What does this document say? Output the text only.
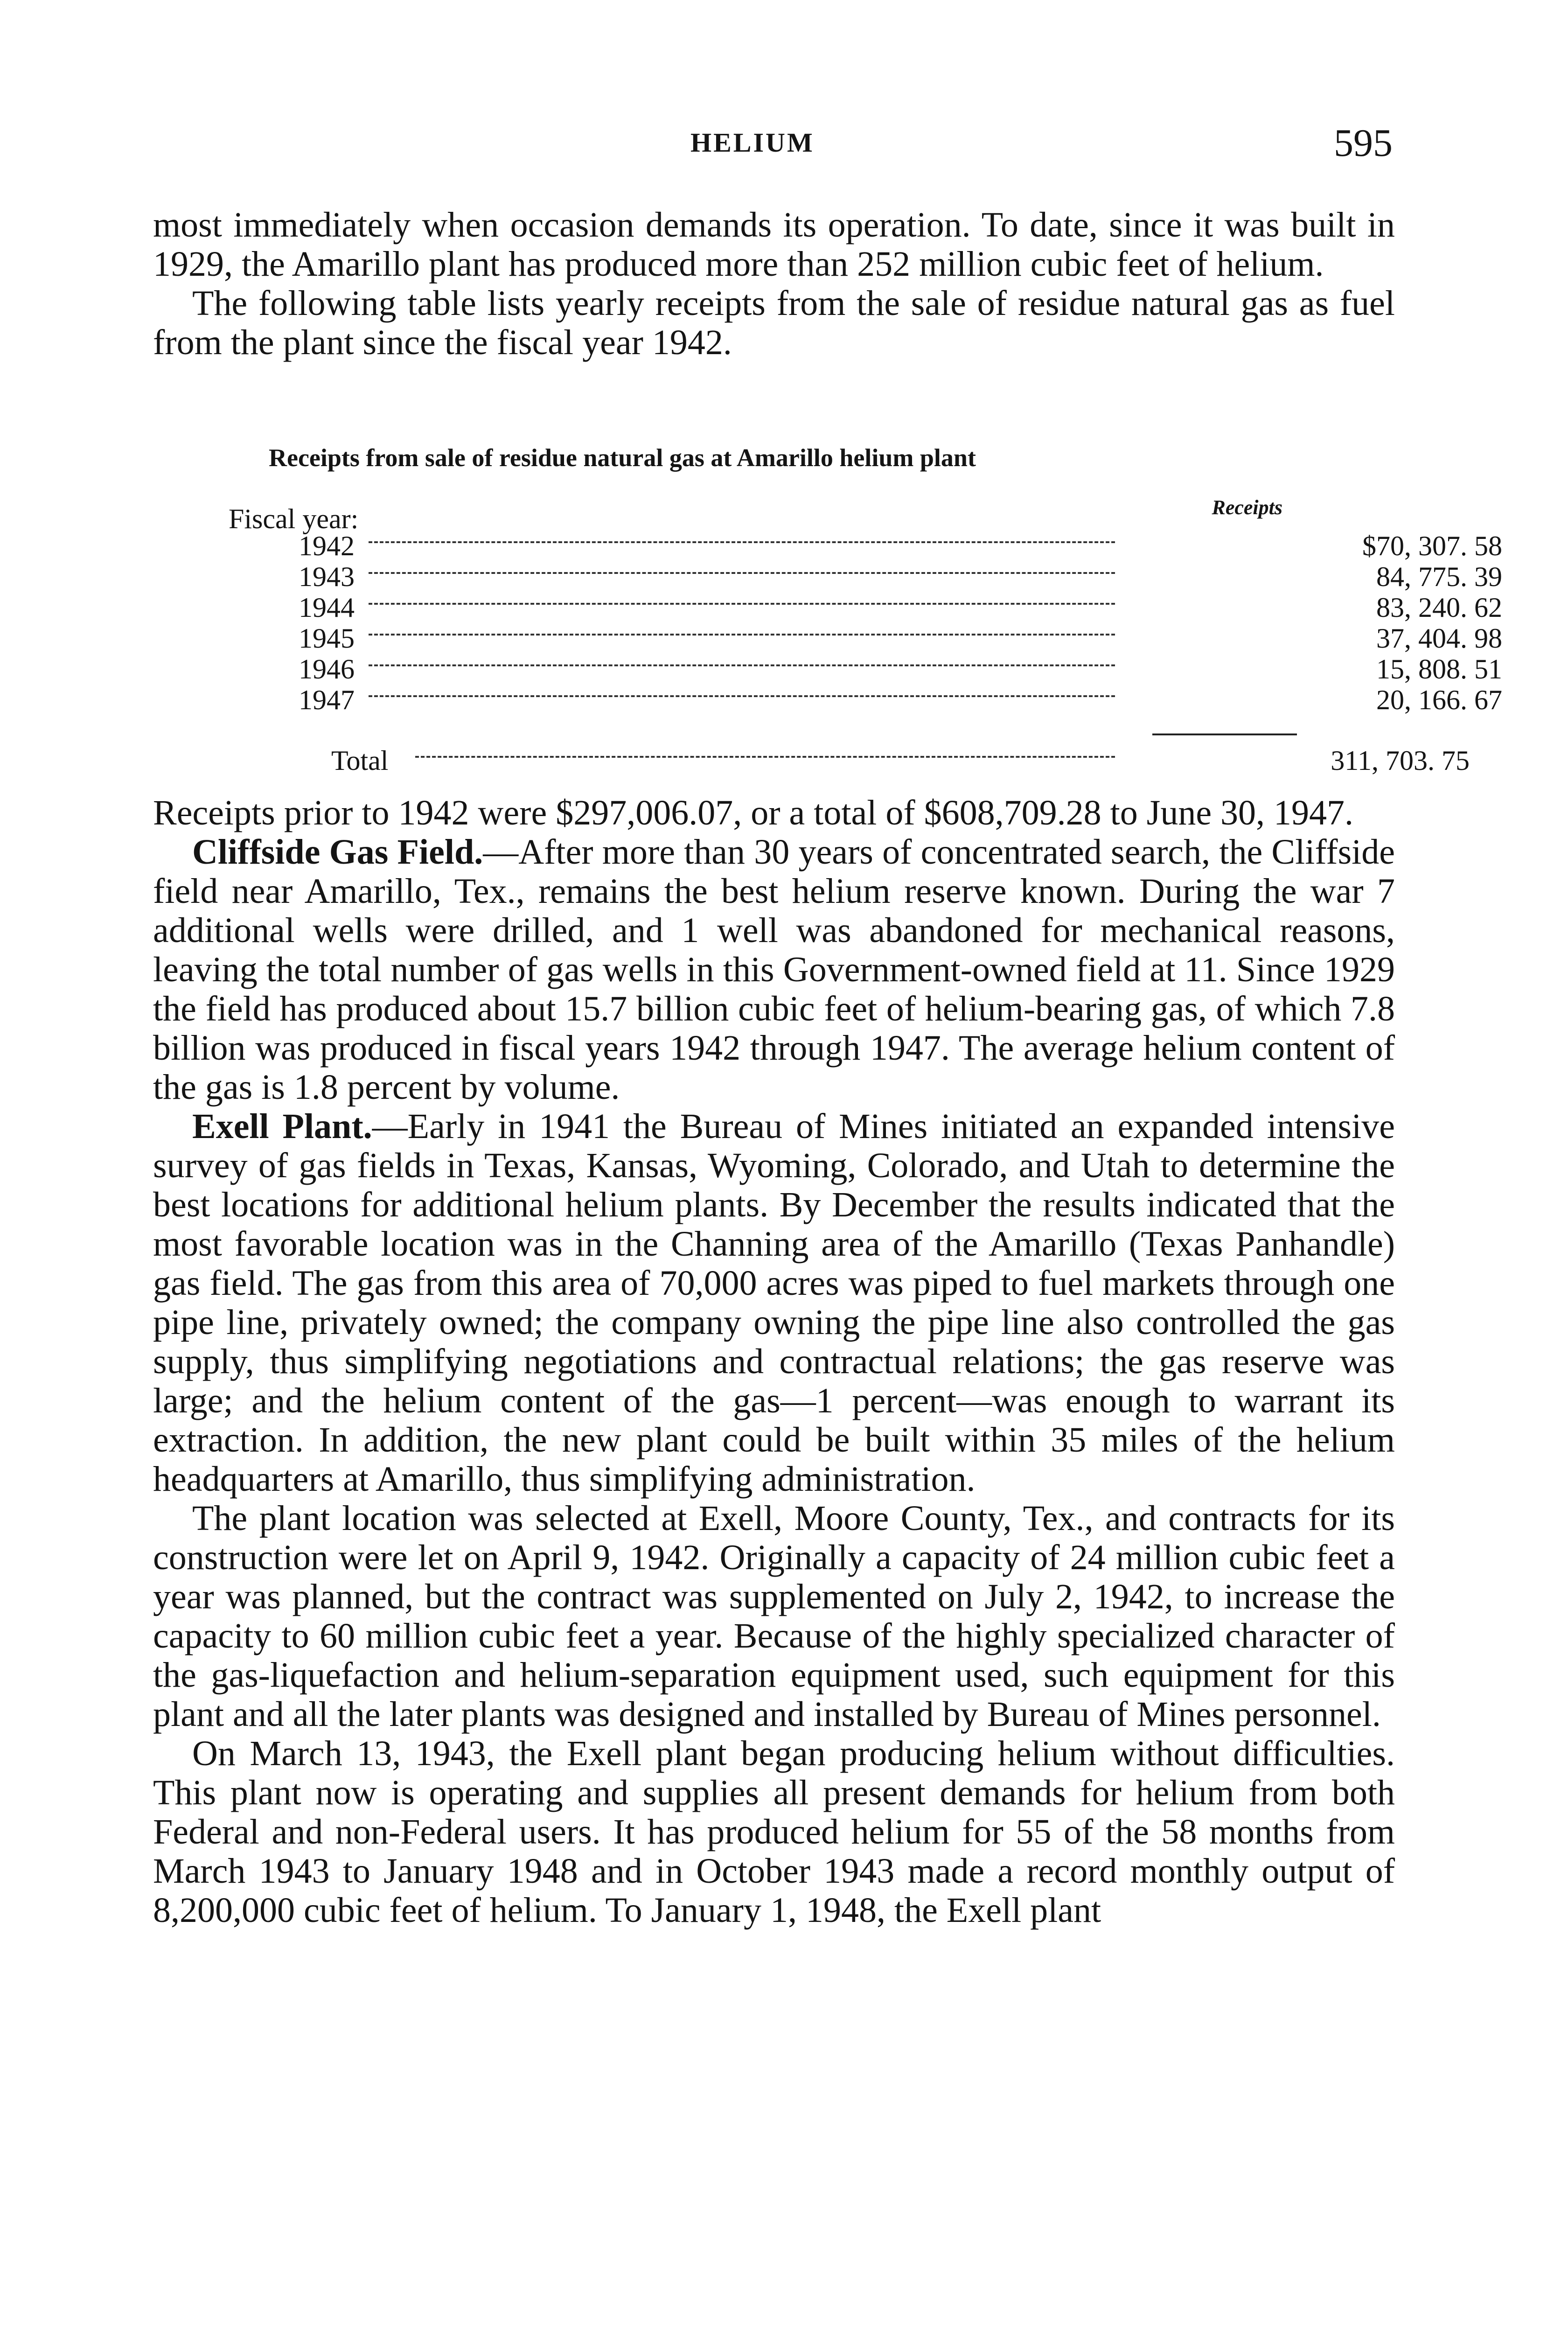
HELIUM	595

most immediately when occasion demands its operation. To date, since it was built in 1929, the Amarillo plant has produced more than 252 million cubic feet of helium.

The following table lists yearly receipts from the sale of residue natural gas as fuel from the plant since the fiscal year 1942.

Receipts from sale of residue natural gas at Amarillo helium plant
Fiscal year:	Receipts
1942	$70, 307. 58
1943	84, 775. 39
1944	83, 240. 62
1945	37, 404. 98
1946	15, 808. 51
1947	20, 166. 67
Total	311, 703. 75

Receipts prior to 1942 were $297,006.07, or a total of $608,709.28 to June 30, 1947.

Cliffside Gas Field.—After more than 30 years of concentrated search, the Cliffside field near Amarillo, Tex., remains the best helium reserve known. During the war 7 additional wells were drilled, and 1 well was abandoned for mechanical reasons, leaving the total number of gas wells in this Government-owned field at 11. Since 1929 the field has produced about 15.7 billion cubic feet of helium-bearing gas, of which 7.8 billion was produced in fiscal years 1942 through 1947. The average helium content of the gas is 1.8 percent by volume.

Exell Plant.—Early in 1941 the Bureau of Mines initiated an expanded intensive survey of gas fields in Texas, Kansas, Wyoming, Colorado, and Utah to determine the best locations for additional helium plants. By December the results indicated that the most favorable location was in the Channing area of the Amarillo (Texas Panhandle) gas field. The gas from this area of 70,000 acres was piped to fuel markets through one pipe line, privately owned; the company owning the pipe line also controlled the gas supply, thus simplifying negotiations and contractual relations; the gas reserve was large; and the helium content of the gas—1 percent—was enough to warrant its extraction. In addition, the new plant could be built within 35 miles of the helium headquarters at Amarillo, thus simplifying administration.

The plant location was selected at Exell, Moore County, Tex., and contracts for its construction were let on April 9, 1942. Originally a capacity of 24 million cubic feet a year was planned, but the contract was supplemented on July 2, 1942, to increase the capacity to 60 million cubic feet a year. Because of the highly specialized character of the gas-liquefaction and helium-separation equipment used, such equipment for this plant and all the later plants was designed and installed by Bureau of Mines personnel.

On March 13, 1943, the Exell plant began producing helium without difficulties. This plant now is operating and supplies all present demands for helium from both Federal and non-Federal users. It has produced helium for 55 of the 58 months from March 1943 to January 1948 and in October 1943 made a record monthly output of 8,200,000 cubic feet of helium. To January 1, 1948, the Exell plant
